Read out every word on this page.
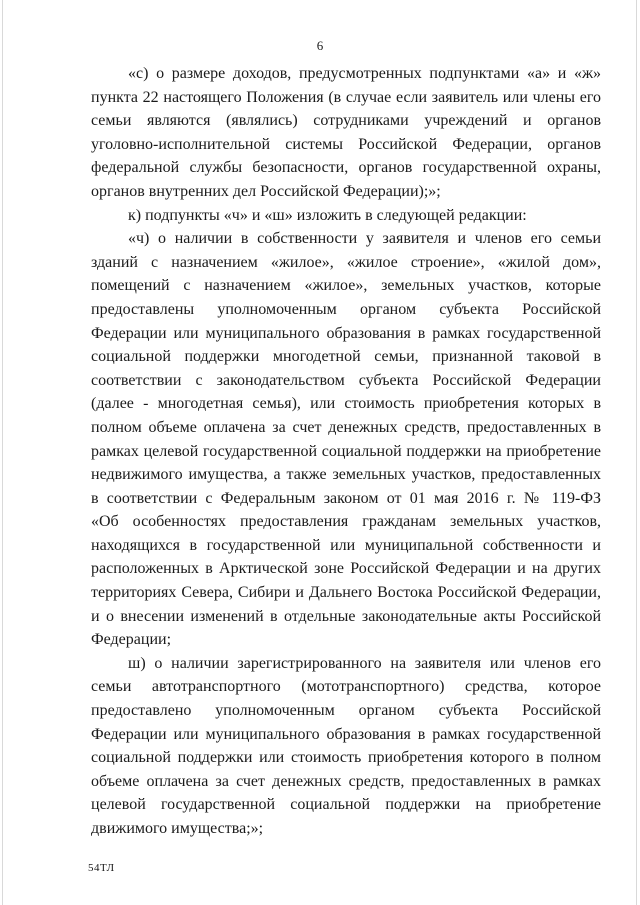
6
«с) о размере доходов, предусмотренных подпунктами «а» и «ж»
пункта 22 настоящего Положения (в случае если заявитель или члены его
семьи являются (являлись) сотрудниками учреждений и органов
уголовно-исполнительной системы Российской Федерации, органов
федеральной службы безопасности, органов государственной охраны,
органов внутренних дел Российской Федерации);»;
к) подпункты «ч» и «ш» изложить в следующей редакции:
«ч) о наличии в собственности у заявителя и членов его семьи
зданий с назначением «жилое», «жилое строение», «жилой дом»,
помещений с назначением «жилое», земельных участков, которые
предоставлены уполномоченным органом субъекта Российской
Федерации или муниципального образования в рамках государственной
социальной поддержки многодетной семьи, признанной таковой в
соответствии с законодательством субъекта Российской Федерации
(далее - многодетная семья), или стоимость приобретения которых в
полном объеме оплачена за счет денежных средств, предоставленных в
рамках целевой государственной социальной поддержки на приобретение
недвижимого имущества, а также земельных участков, предоставленных
в соответствии с Федеральным законом от 01 мая 2016 г. № 119-ФЗ
«Об особенностях предоставления гражданам земельных участков,
находящихся в государственной или муниципальной собственности и
расположенных в Арктической зоне Российской Федерации и на других
территориях Севера, Сибири и Дальнего Востока Российской Федерации,
и о внесении изменений в отдельные законодательные акты Российской
Федерации;
ш) о наличии зарегистрированного на заявителя или членов его
семьи автотранспортного (мототранспортного) средства, которое
предоставлено уполномоченным органом субъекта Российской
Федерации или муниципального образования в рамках государственной
социальной поддержки или стоимость приобретения которого в полном
объеме оплачена за счет денежных средств, предоставленных в рамках
целевой государственной социальной поддержки на приобретение
движимого имущества;»;
54ТЛ
